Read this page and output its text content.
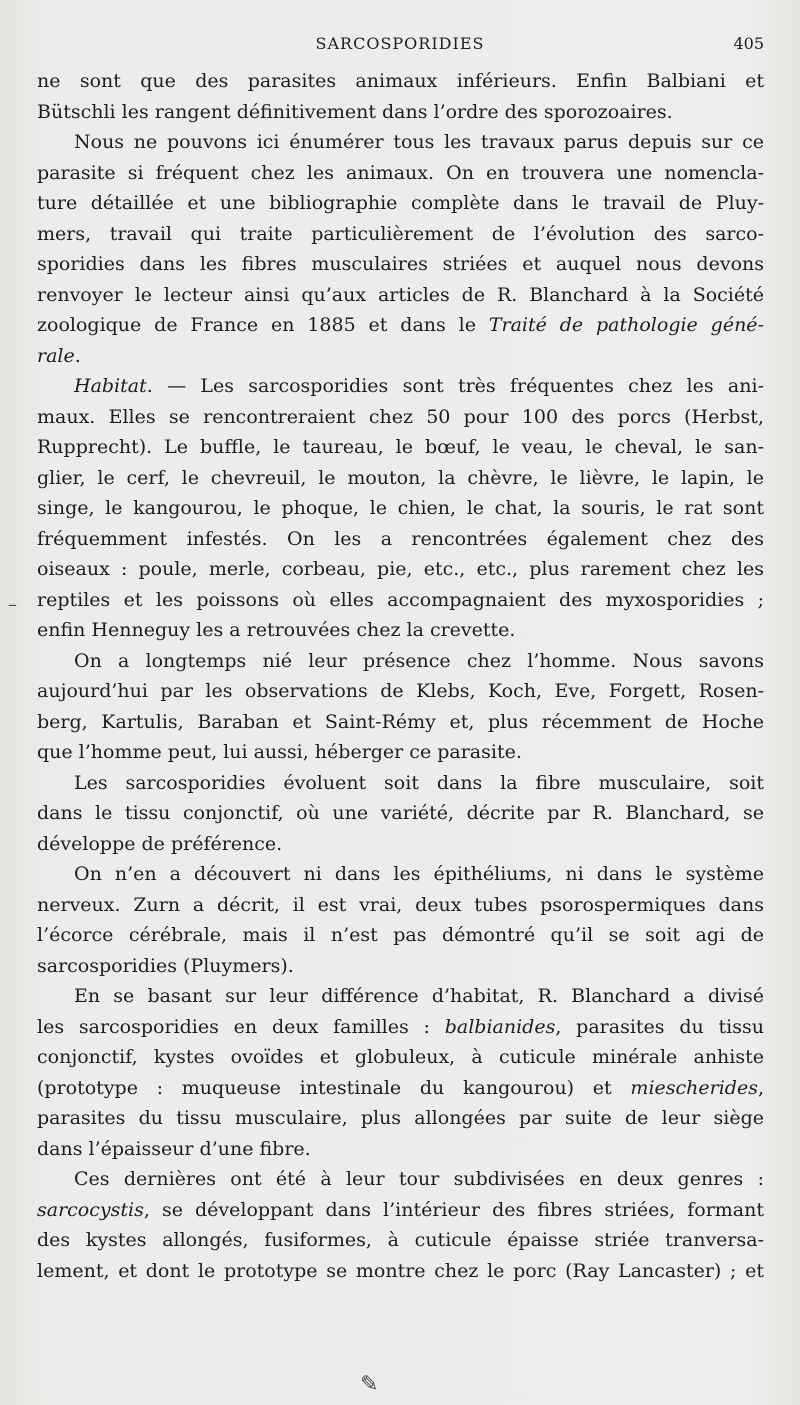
SARCOSPORIDIES	405
ne sont que des parasites animaux inférieurs. Enfin Balbiani et
Bütschli les rangent définitivement dans l’ordre des sporozoaires.
Nous ne pouvons ici énumérer tous les travaux parus depuis sur ce
parasite si fréquent chez les animaux. On en trouvera une nomencla-
ture détaillée et une bibliographie complète dans le travail de Pluy-
mers, travail qui traite particulièrement de l’évolution des sarco-
sporidies dans les fibres musculaires striées et auquel nous devons
renvoyer le lecteur ainsi qu’aux articles de R. Blanchard à la Société
zoologique de France en 1885 et dans le Traité de pathologie géné-
rale.
Habitat. — Les sarcosporidies sont très fréquentes chez les ani-
maux. Elles se rencontreraient chez 50 pour 100 des porcs (Herbst,
Rupprecht). Le buffle, le taureau, le bœuf, le veau, le cheval, le san-
glier, le cerf, le chevreuil, le mouton, la chèvre, le lièvre, le lapin, le
singe, le kangourou, le phoque, le chien, le chat, la souris, le rat sont
fréquemment infestés. On les a rencontrées également chez des
oiseaux : poule, merle, corbeau, pie, etc., etc., plus rarement chez les
reptiles et les poissons où elles accompagnaient des myxosporidies ;
enfin Henneguy les a retrouvées chez la crevette.
On a longtemps nié leur présence chez l’homme. Nous savons
aujourd’hui par les observations de Klebs, Koch, Eve, Forgett, Rosen-
berg, Kartulis, Baraban et Saint-Rémy et, plus récemment de Hoche
que l’homme peut, lui aussi, héberger ce parasite.
Les sarcosporidies évoluent soit dans la fibre musculaire, soit
dans le tissu conjonctif, où une variété, décrite par R. Blanchard, se
développe de préférence.
On n’en a découvert ni dans les épithéliums, ni dans le système
nerveux. Zurn a décrit, il est vrai, deux tubes psorospermiques dans
l’écorce cérébrale, mais il n’est pas démontré qu’il se soit agi de
sarcosporidies (Pluymers).
En se basant sur leur différence d’habitat, R. Blanchard a divisé
les sarcosporidies en deux familles : balbianides, parasites du tissu
conjonctif, kystes ovoïdes et globuleux, à cuticule minérale anhiste
(prototype : muqueuse intestinale du kangourou) et miescherides,
parasites du tissu musculaire, plus allongées par suite de leur siège
dans l’épaisseur d’une fibre.
Ces dernières ont été à leur tour subdivisées en deux genres :
sarcocystis, se développant dans l’intérieur des fibres striées, formant
des kystes allongés, fusiformes, à cuticule épaisse striée tranversa-
lement, et dont le prototype se montre chez le porc (Ray Lancaster) ; et
–
✎
